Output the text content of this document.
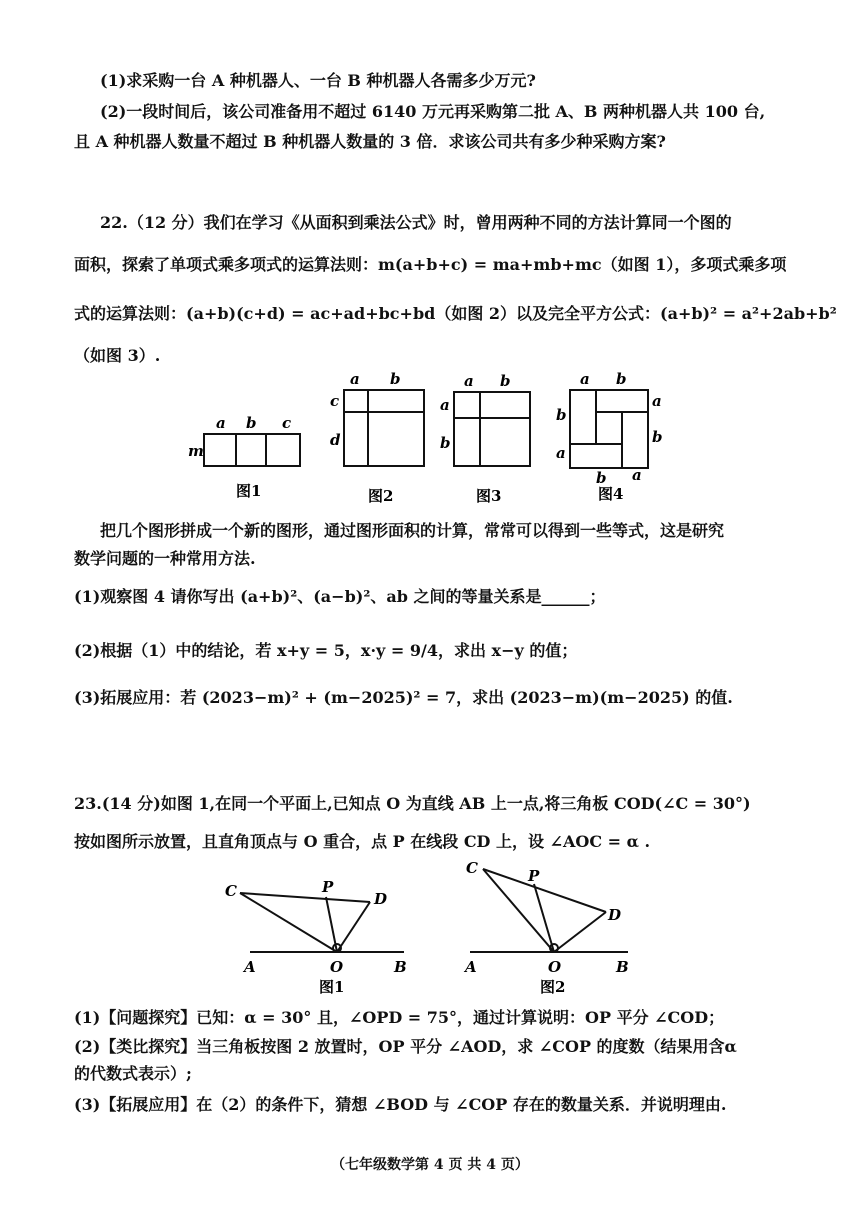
(1)求采购一台 A 种机器人、一台 B 种机器人各需多少万元?
(2)一段时间后，该公司准备用不超过 6140 万元再采购第二批 A、B 两种机器人共 100 台,
且 A 种机器人数量不超过 B 种机器人数量的 3 倍．求该公司共有多少种采购方案?
22.（12 分）我们在学习《从面积到乘法公式》时，曾用两种不同的方法计算同一个图的
面积，探索了单项式乘多项式的运算法则：m(a+b+c) = ma+mb+mc（如图 1），多项式乘多项
式的运算法则：(a+b)(c+d) = ac+ad+bc+bd（如图 2）以及完全平方公式：(a+b)² = a²+2ab+b²
（如图 3）.
a b c
m
图1
a b
c
d
图2
a b
a
b
图3
a b
a
b
b
a
b a
图4
把几个图形拼成一个新的图形，通过图形面积的计算，常常可以得到一些等式，这是研究
数学问题的一种常用方法.
(1)观察图 4 请你写出 (a+b)²、(a−b)²、ab 之间的等量关系是______；
(2)根据（1）中的结论，若 x+y = 5，x·y = 9/4，求出 x−y 的值；
(3)拓展应用：若 (2023−m)² + (m−2025)² = 7，求出 (2023−m)(m−2025) 的值.
23.(14 分)如图 1,在同一个平面上,已知点 O 为直线 AB 上一点,将三角板 COD(∠C = 30°)
按如图所示放置，且直角顶点与 O 重合，点 P 在线段 CD 上，设 ∠AOC = α .
C	P
D
A	O	B
图1
C	P
D
A	O	B
图2
(1)【问题探究】已知：α = 30° 且，∠OPD = 75°，通过计算说明：OP 平分 ∠COD；
(2)【类比探究】当三角板按图 2 放置时，OP 平分 ∠AOD，求 ∠COP 的度数（结果用含α
的代数式表示）;
(3)【拓展应用】在（2）的条件下，猜想 ∠BOD 与 ∠COP 存在的数量关系．并说明理由.
（七年级数学第 4 页 共 4 页）
